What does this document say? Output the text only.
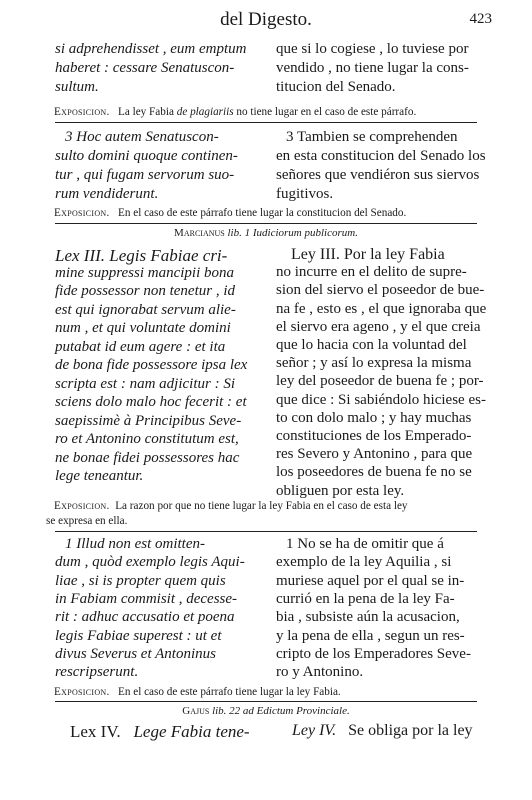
del Digesto.	423
si adprehendisset , eum emptum
haberet : cessare Senatuscon-
sultum.
que si lo cogiese , lo tuviese por
vendido , no tiene lugar la cons-
titucion del Senado.
Exposicion. La ley Fabia de plagiariis no tiene lugar en el caso de este párrafo.
3 Hoc autem Senatuscon-
sulto domini quoque continen-
tur , qui fugam servorum suo-
rum vendiderunt.
3 Tambien se comprehenden
en esta constitucion del Senado los
señores que vendiéron sus siervos
fugitivos.
Exposicion. En el caso de este párrafo tiene lugar la constitucion del Senado.
Marcianus lib. 1 Iudiciorum publicorum.
Lex III. Legis Fabiae cri-
mine suppressi mancipii bona
fide possessor non tenetur , id
est qui ignorabat servum alie-
num , et qui voluntate domini
putabat id eum agere : et ita
de bona fide possessore ipsa lex
scripta est : nam adjicitur : Si
sciens dolo malo hoc fecerit : et
saepissimè à Principibus Seve-
ro et Antonino constitutum est,
ne bonae fidei possessores hac
lege teneantur.
Ley III. Por la ley Fabia
no incurre en el delito de supre-
sion del siervo el poseedor de bue-
na fe , esto es , el que ignoraba que
el siervo era ageno , y el que creia
que lo hacia con la voluntad del
señor ; y así lo expresa la misma
ley del poseedor de buena fe ; por-
que dice : Si sabiéndolo hiciese es-
to con dolo malo ; y hay muchas
constituciones de los Emperado-
res Severo y Antonino , para que
los poseedores de buena fe no se
obliguen por esta ley.
Exposicion. La razon por que no tiene lugar la ley Fabia en el caso de esta ley
se expresa en ella.
1 Illud non est omitten-
dum , quòd exemplo legis Aqui-
liae , si is propter quem quis
in Fabiam commisit , decesse-
rit : adhuc accusatio et poena
legis Fabiae superest : ut et
divus Severus et Antoninus
rescripserunt.
1 No se ha de omitir que á
exemplo de la ley Aquilia , si
muriese aquel por el qual se in-
currió en la pena de la ley Fa-
bia , subsiste aún la acusacion,
y la pena de ella , segun un res-
cripto de los Emperadores Seve-
ro y Antonino.
Exposicion. En el caso de este párrafo tiene lugar la ley Fabia.
Gajus lib. 22 ad Edictum Provinciale.
Lex IV. Lege Fabia tene-	Ley IV. Se obliga por la ley
